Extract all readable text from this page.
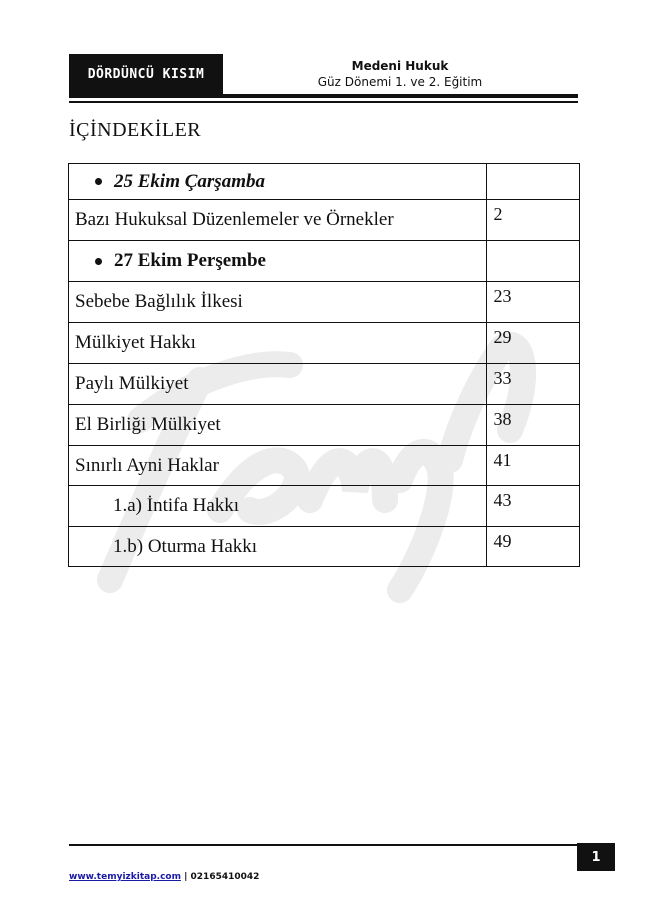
DÖRDÜNCÜ KISIM
Medeni Hukuk
Güz Dönemi 1. ve 2. Eğitim
İÇİNDEKİLER
25 Ekim Çarşamba	

Bazı Hukuksal Düzenlemeler ve Örnekler	2

27 Ekim Perşembe	

Sebebe Bağlılık İlkesi	23
Mülkiyet Hakkı	29
Paylı Mülkiyet	33
El Birliği Mülkiyet	38
Sınırlı Ayni Haklar	41
1.a) İntifa Hakkı	43
1.b) Oturma Hakkı	49
1
www.temyizkitap.com | 02165410042
